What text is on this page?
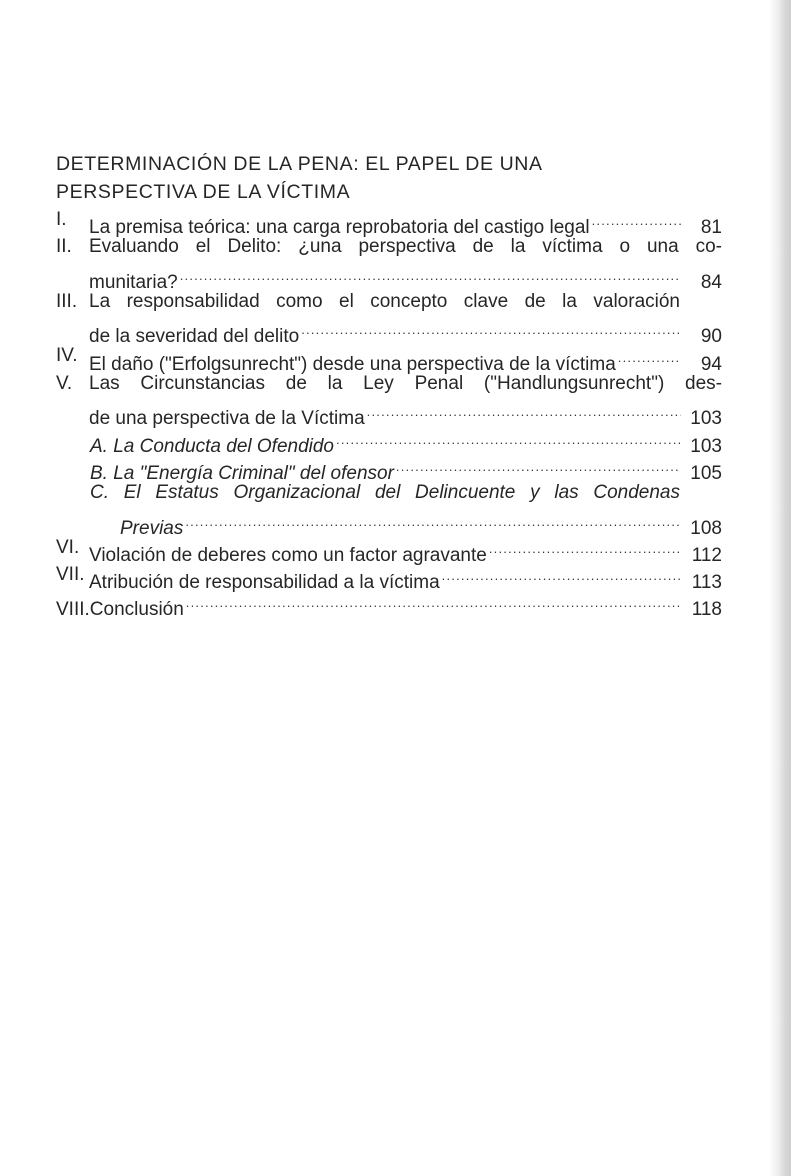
DETERMINACIÓN DE LA PENA: EL PAPEL DE UNA
PERSPECTIVA DE LA VÍCTIMA
I. La premisa teórica: una carga reprobatoria del castigo legal .....	81
II. Evaluando el Delito: ¿una perspectiva de la víctima o una co-
munitaria? .....	84
III. La responsabilidad como el concepto clave de la valoración
de la severidad del delito .....	90
IV. El daño ("Erfolgsunrecht") desde una perspectiva de la víctima .....	94
V. Las Circunstancias de la Ley Penal ("Handlungsunrecht") des-
de una perspectiva de la Víctima .....	103
A. La Conducta del Ofendido .....	103
B. La "Energía Criminal" del ofensor .....	105
C. El Estatus Organizacional del Delincuente y las Condenas
Previas .....	108
VI. Violación de deberes como un factor agravante .....	112
VII. Atribución de responsabilidad a la víctima .....	113
VIII.Conclusión .....	118
